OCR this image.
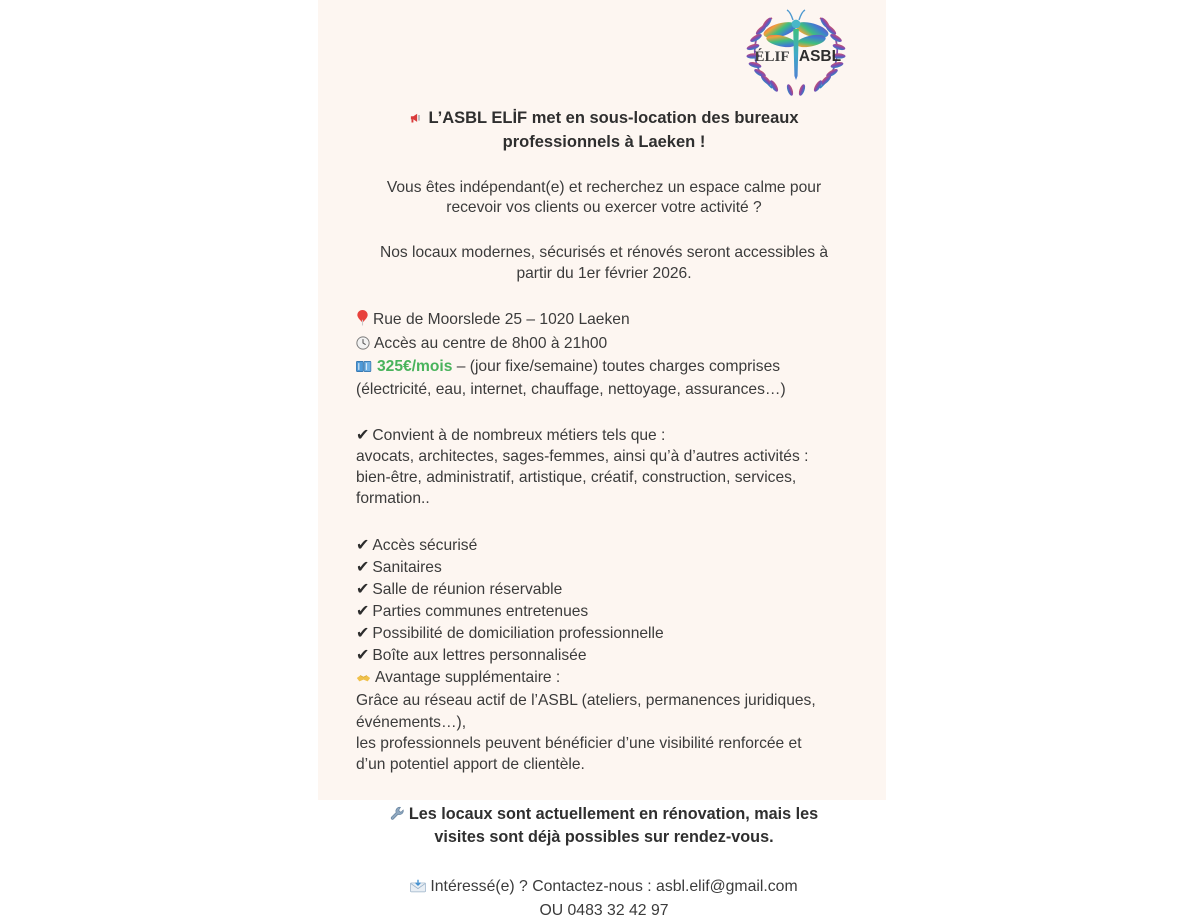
ÉLIF ASBL
L’ASBL ELİF met en sous-location des bureaux
professionnels à Laeken !
Vous êtes indépendant(e) et recherchez un espace calme pour
recevoir vos clients ou exercer votre activité ?
Nos locaux modernes, sécurisés et rénovés seront accessibles à
partir du 1er février 2026.
Rue de Moorslede 25 – 1020 Laeken
Accès au centre de 8h00 à 21h00
325€/mois – (jour fixe/semaine) toutes charges comprises
(électricité, eau, internet, chauffage, nettoyage, assurances…)
✔ Convient à de nombreux métiers tels que :
avocats, architectes, sages-femmes, ainsi qu’à d’autres activités :
bien-être, administratif, artistique, créatif, construction, services,
formation..
✔ Accès sécurisé
✔ Sanitaires
✔ Salle de réunion réservable
✔ Parties communes entretenues
✔ Possibilité de domiciliation professionnelle
✔ Boîte aux lettres personnalisée
Avantage supplémentaire :
Grâce au réseau actif de l’ASBL (ateliers, permanences juridiques,
événements…),
les professionnels peuvent bénéficier d’une visibilité renforcée et
d’un potentiel apport de clientèle.
Les locaux sont actuellement en rénovation, mais les
visites sont déjà possibles sur rendez-vous.
Intéressé(e) ? Contactez-nous : asbl.elif@gmail.com
OU 0483 32 42 97
